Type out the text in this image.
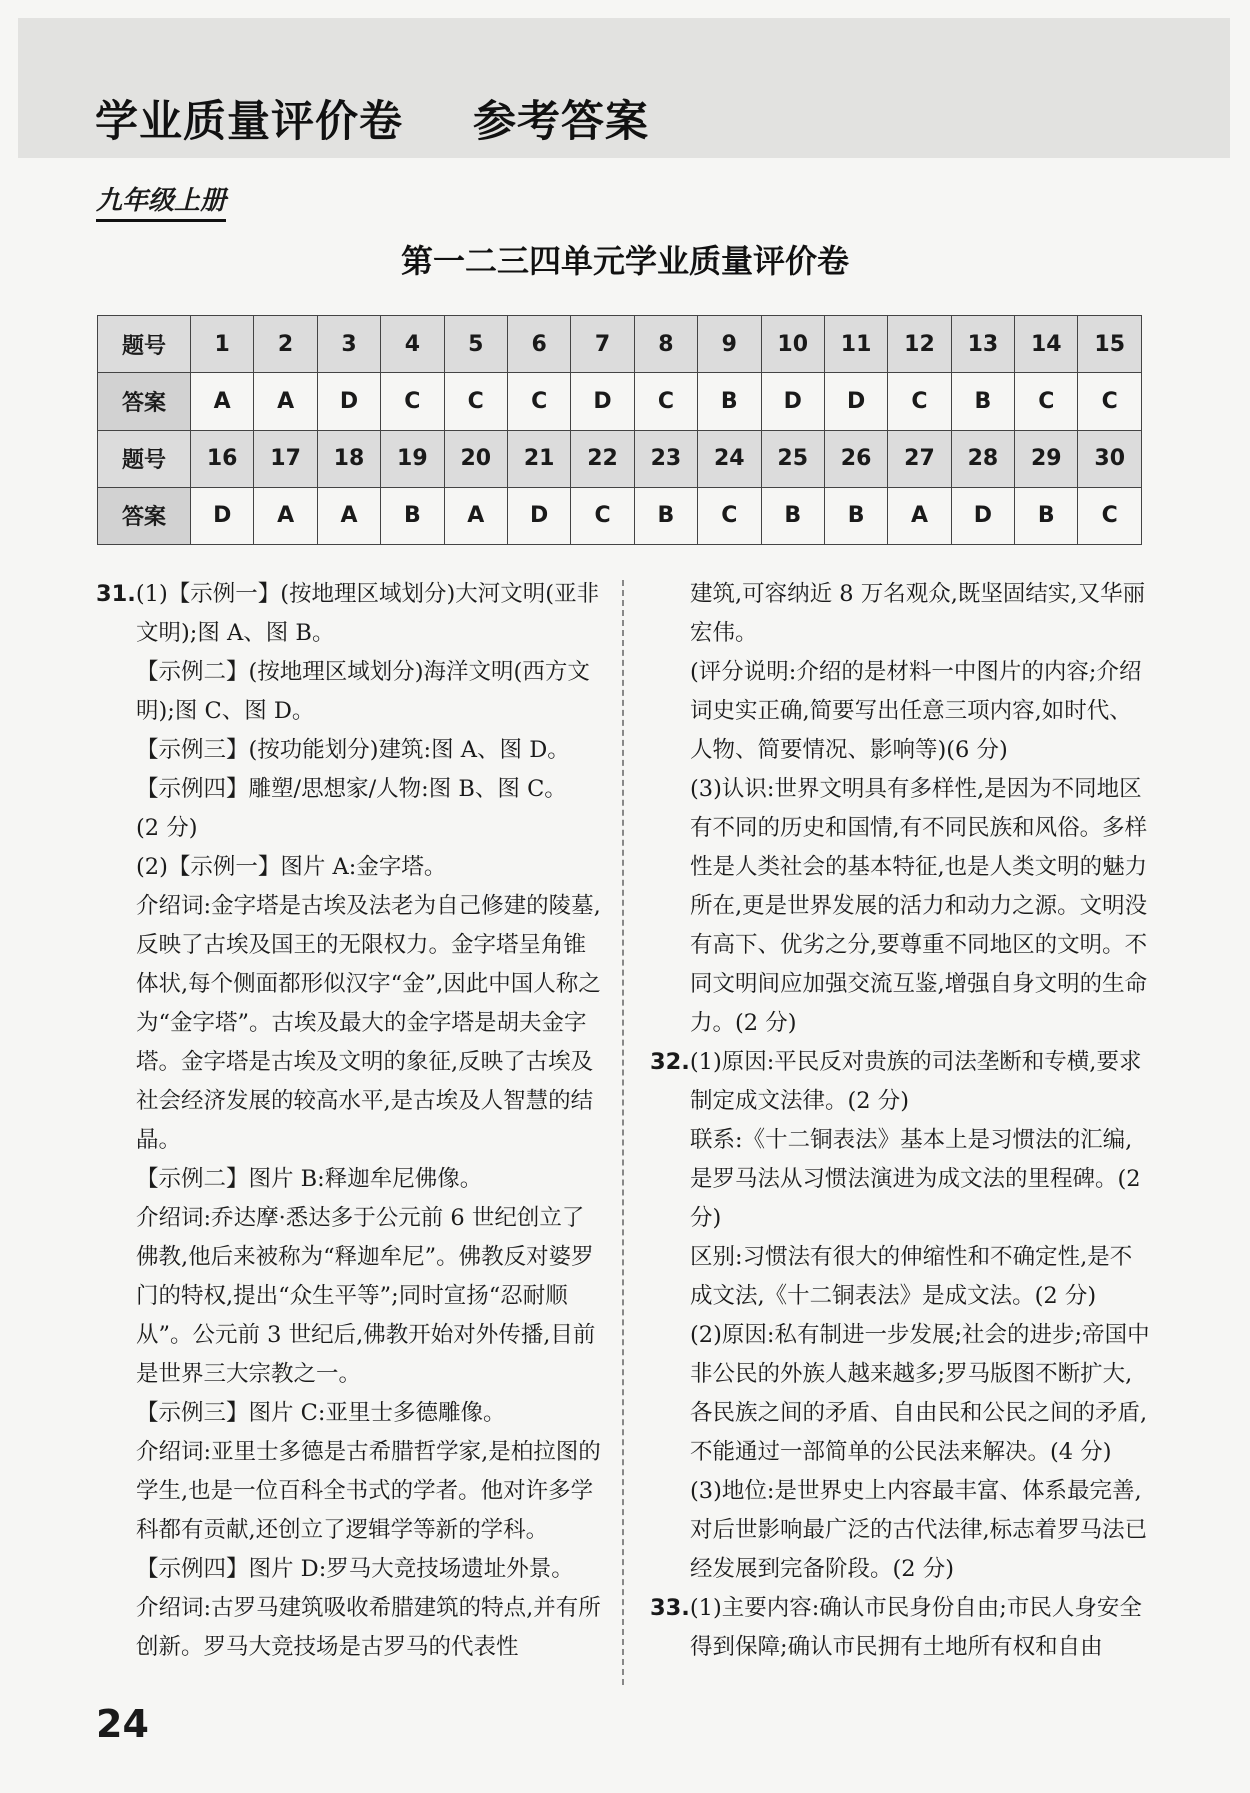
学业质量评价卷 参考答案
九年级上册
第一二三四单元学业质量评价卷
题号	1	2	3	4	5	6	7	8	9	10	11	12	13	14	15
答案	A	A	D	C	C	C	D	C	B	D	D	C	B	C	C
题号	16	17	18	19	20	21	22	23	24	25	26	27	28	29	30
答案	D	A	A	B	A	D	C	B	C	B	B	A	D	B	C

31.(1)【示例一】(按地理区域划分)大河文明(亚非文明);图 A、图 B。

【示例二】(按地理区域划分)海洋文明(西方文明);图 C、图 D。

【示例三】(按功能划分)建筑:图 A、图 D。

【示例四】雕塑/思想家/人物:图 B、图 C。

(2 分)

(2)【示例一】图片 A:金字塔。

介绍词:金字塔是古埃及法老为自己修建的陵墓,反映了古埃及国王的无限权力。金字塔呈角锥体状,每个侧面都形似汉字“金”,因此中国人称之为“金字塔”。古埃及最大的金字塔是胡夫金字塔。金字塔是古埃及文明的象征,反映了古埃及社会经济发展的较高水平,是古埃及人智慧的结晶。

【示例二】图片 B:释迦牟尼佛像。

介绍词:乔达摩·悉达多于公元前 6 世纪创立了佛教,他后来被称为“释迦牟尼”。佛教反对婆罗门的特权,提出“众生平等”;同时宣扬“忍耐顺从”。公元前 3 世纪后,佛教开始对外传播,目前是世界三大宗教之一。

【示例三】图片 C:亚里士多德雕像。

介绍词:亚里士多德是古希腊哲学家,是柏拉图的学生,也是一位百科全书式的学者。他对许多学科都有贡献,还创立了逻辑学等新的学科。

【示例四】图片 D:罗马大竞技场遗址外景。

介绍词:古罗马建筑吸收希腊建筑的特点,并有所创新。罗马大竞技场是古罗马的代表性

建筑,可容纳近 8 万名观众,既坚固结实,又华丽宏伟。

(评分说明:介绍的是材料一中图片的内容;介绍词史实正确,简要写出任意三项内容,如时代、人物、简要情况、影响等)(6 分)

(3)认识:世界文明具有多样性,是因为不同地区有不同的历史和国情,有不同民族和风俗。多样性是人类社会的基本特征,也是人类文明的魅力所在,更是世界发展的活力和动力之源。文明没有高下、优劣之分,要尊重不同地区的文明。不同文明间应加强交流互鉴,增强自身文明的生命力。(2 分)

32.(1)原因:平民反对贵族的司法垄断和专横,要求制定成文法律。(2 分)

联系:《十二铜表法》基本上是习惯法的汇编,是罗马法从习惯法演进为成文法的里程碑。(2 分)

区别:习惯法有很大的伸缩性和不确定性,是不成文法,《十二铜表法》是成文法。(2 分)

(2)原因:私有制进一步发展;社会的进步;帝国中非公民的外族人越来越多;罗马版图不断扩大,各民族之间的矛盾、自由民和公民之间的矛盾,不能通过一部简单的公民法来解决。(4 分)

(3)地位:是世界史上内容最丰富、体系最完善,对后世影响最广泛的古代法律,标志着罗马法已经发展到完备阶段。(2 分)

33.(1)主要内容:确认市民身份自由;市民人身安全得到保障;确认市民拥有土地所有权和自由

24
